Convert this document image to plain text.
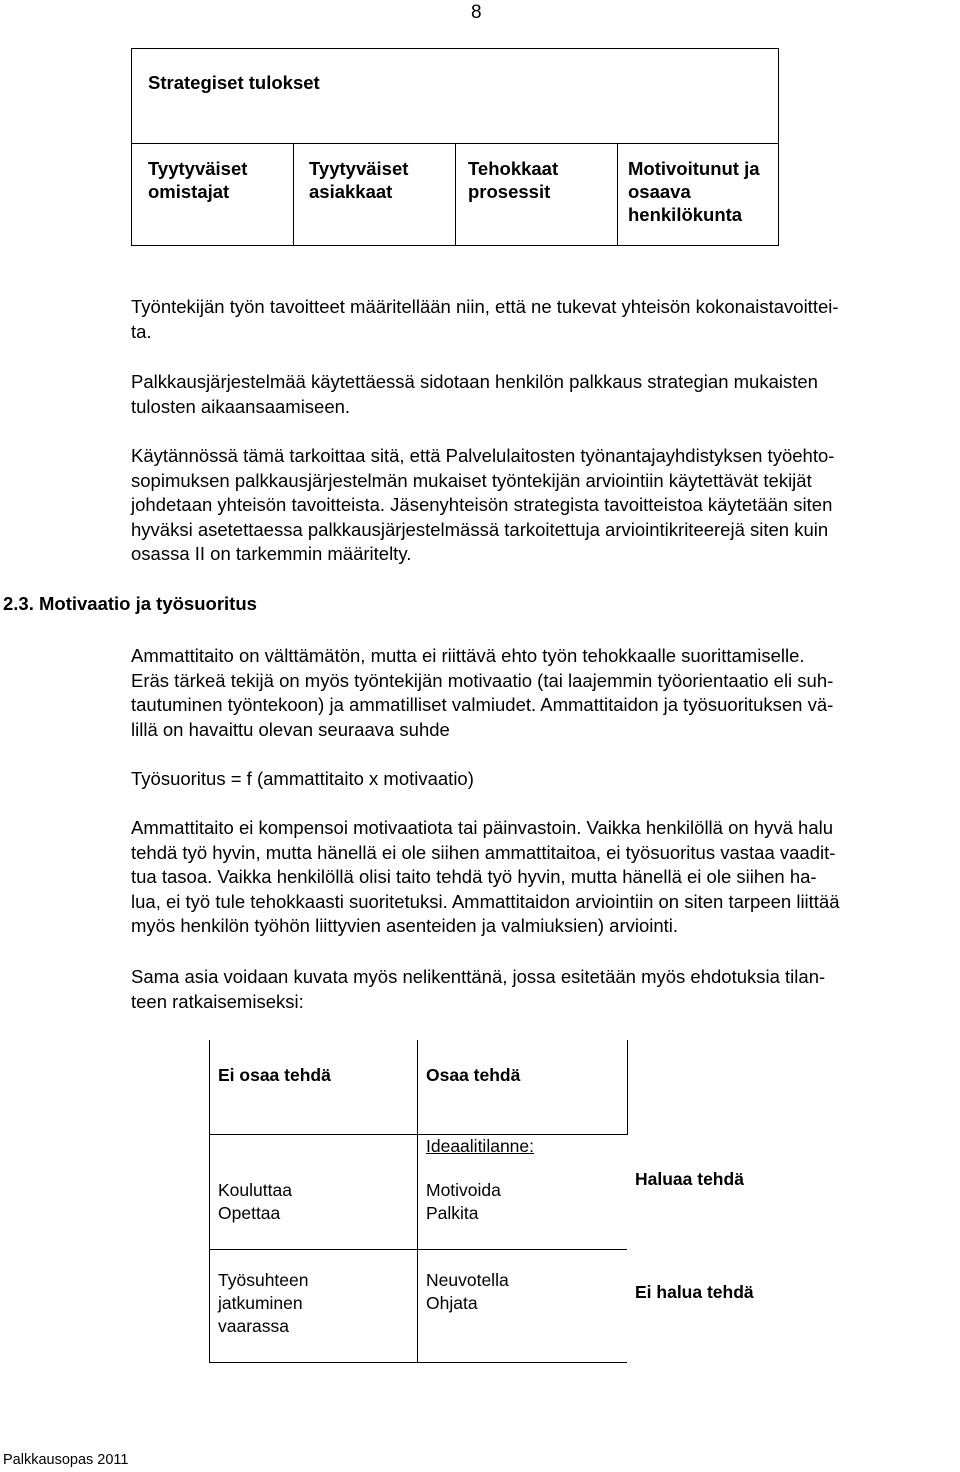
8
Strategiset tulokset
Tyytyväiset
omistajat
Tyytyväiset
asiakkaat
Tehokkaat
prosessit
Motivoitunut ja
osaava
henkilökunta
Työntekijän työn tavoitteet määritellään niin, että ne tukevat yhteisön kokonaistavoittei-
ta.
Palkkausjärjestelmää käytettäessä sidotaan henkilön palkkaus strategian mukaisten
tulosten aikaansaamiseen.
Käytännössä tämä tarkoittaa sitä, että Palvelulaitosten työnantajayhdistyksen työehto-
sopimuksen palkkausjärjestelmän mukaiset työntekijän arviointiin käytettävät tekijät
johdetaan yhteisön tavoitteista. Jäsenyhteisön strategista tavoitteistoa käytetään siten
hyväksi asetettaessa palkkausjärjestelmässä tarkoitettuja arviointikriteerejä siten kuin
osassa II on tarkemmin määritelty.
2.3. Motivaatio ja työsuoritus
Ammattitaito on välttämätön, mutta ei riittävä ehto työn tehokkaalle suorittamiselle.
Eräs tärkeä tekijä on myös työntekijän motivaatio (tai laajemmin työorientaatio eli suh-
tautuminen työntekoon) ja ammatilliset valmiudet. Ammattitaidon ja työsuorituksen vä-
lillä on havaittu olevan seuraava suhde
Työsuoritus = f (ammattitaito x motivaatio)
Ammattitaito ei kompensoi motivaatiota tai päinvastoin. Vaikka henkilöllä on hyvä halu
tehdä työ hyvin, mutta hänellä ei ole siihen ammattitaitoa, ei työsuoritus vastaa vaadit-
tua tasoa. Vaikka henkilöllä olisi taito tehdä työ hyvin, mutta hänellä ei ole siihen ha-
lua, ei työ tule tehokkaasti suoritetuksi. Ammattitaidon arviointiin on siten tarpeen liittää
myös henkilön työhön liittyvien asenteiden ja valmiuksien) arviointi.
Sama asia voidaan kuvata myös nelikenttänä, jossa esitetään myös ehdotuksia tilan-
teen ratkaisemiseksi:
Ei osaa tehdä	Osaa tehdä
Ideaalitilanne:
Kouluttaa
Opettaa
Motivoida
Palkita
Haluaa tehdä
Työsuhteen
jatkuminen
vaarassa
Neuvotella
Ohjata
Ei halua tehdä
Palkkausopas 2011
